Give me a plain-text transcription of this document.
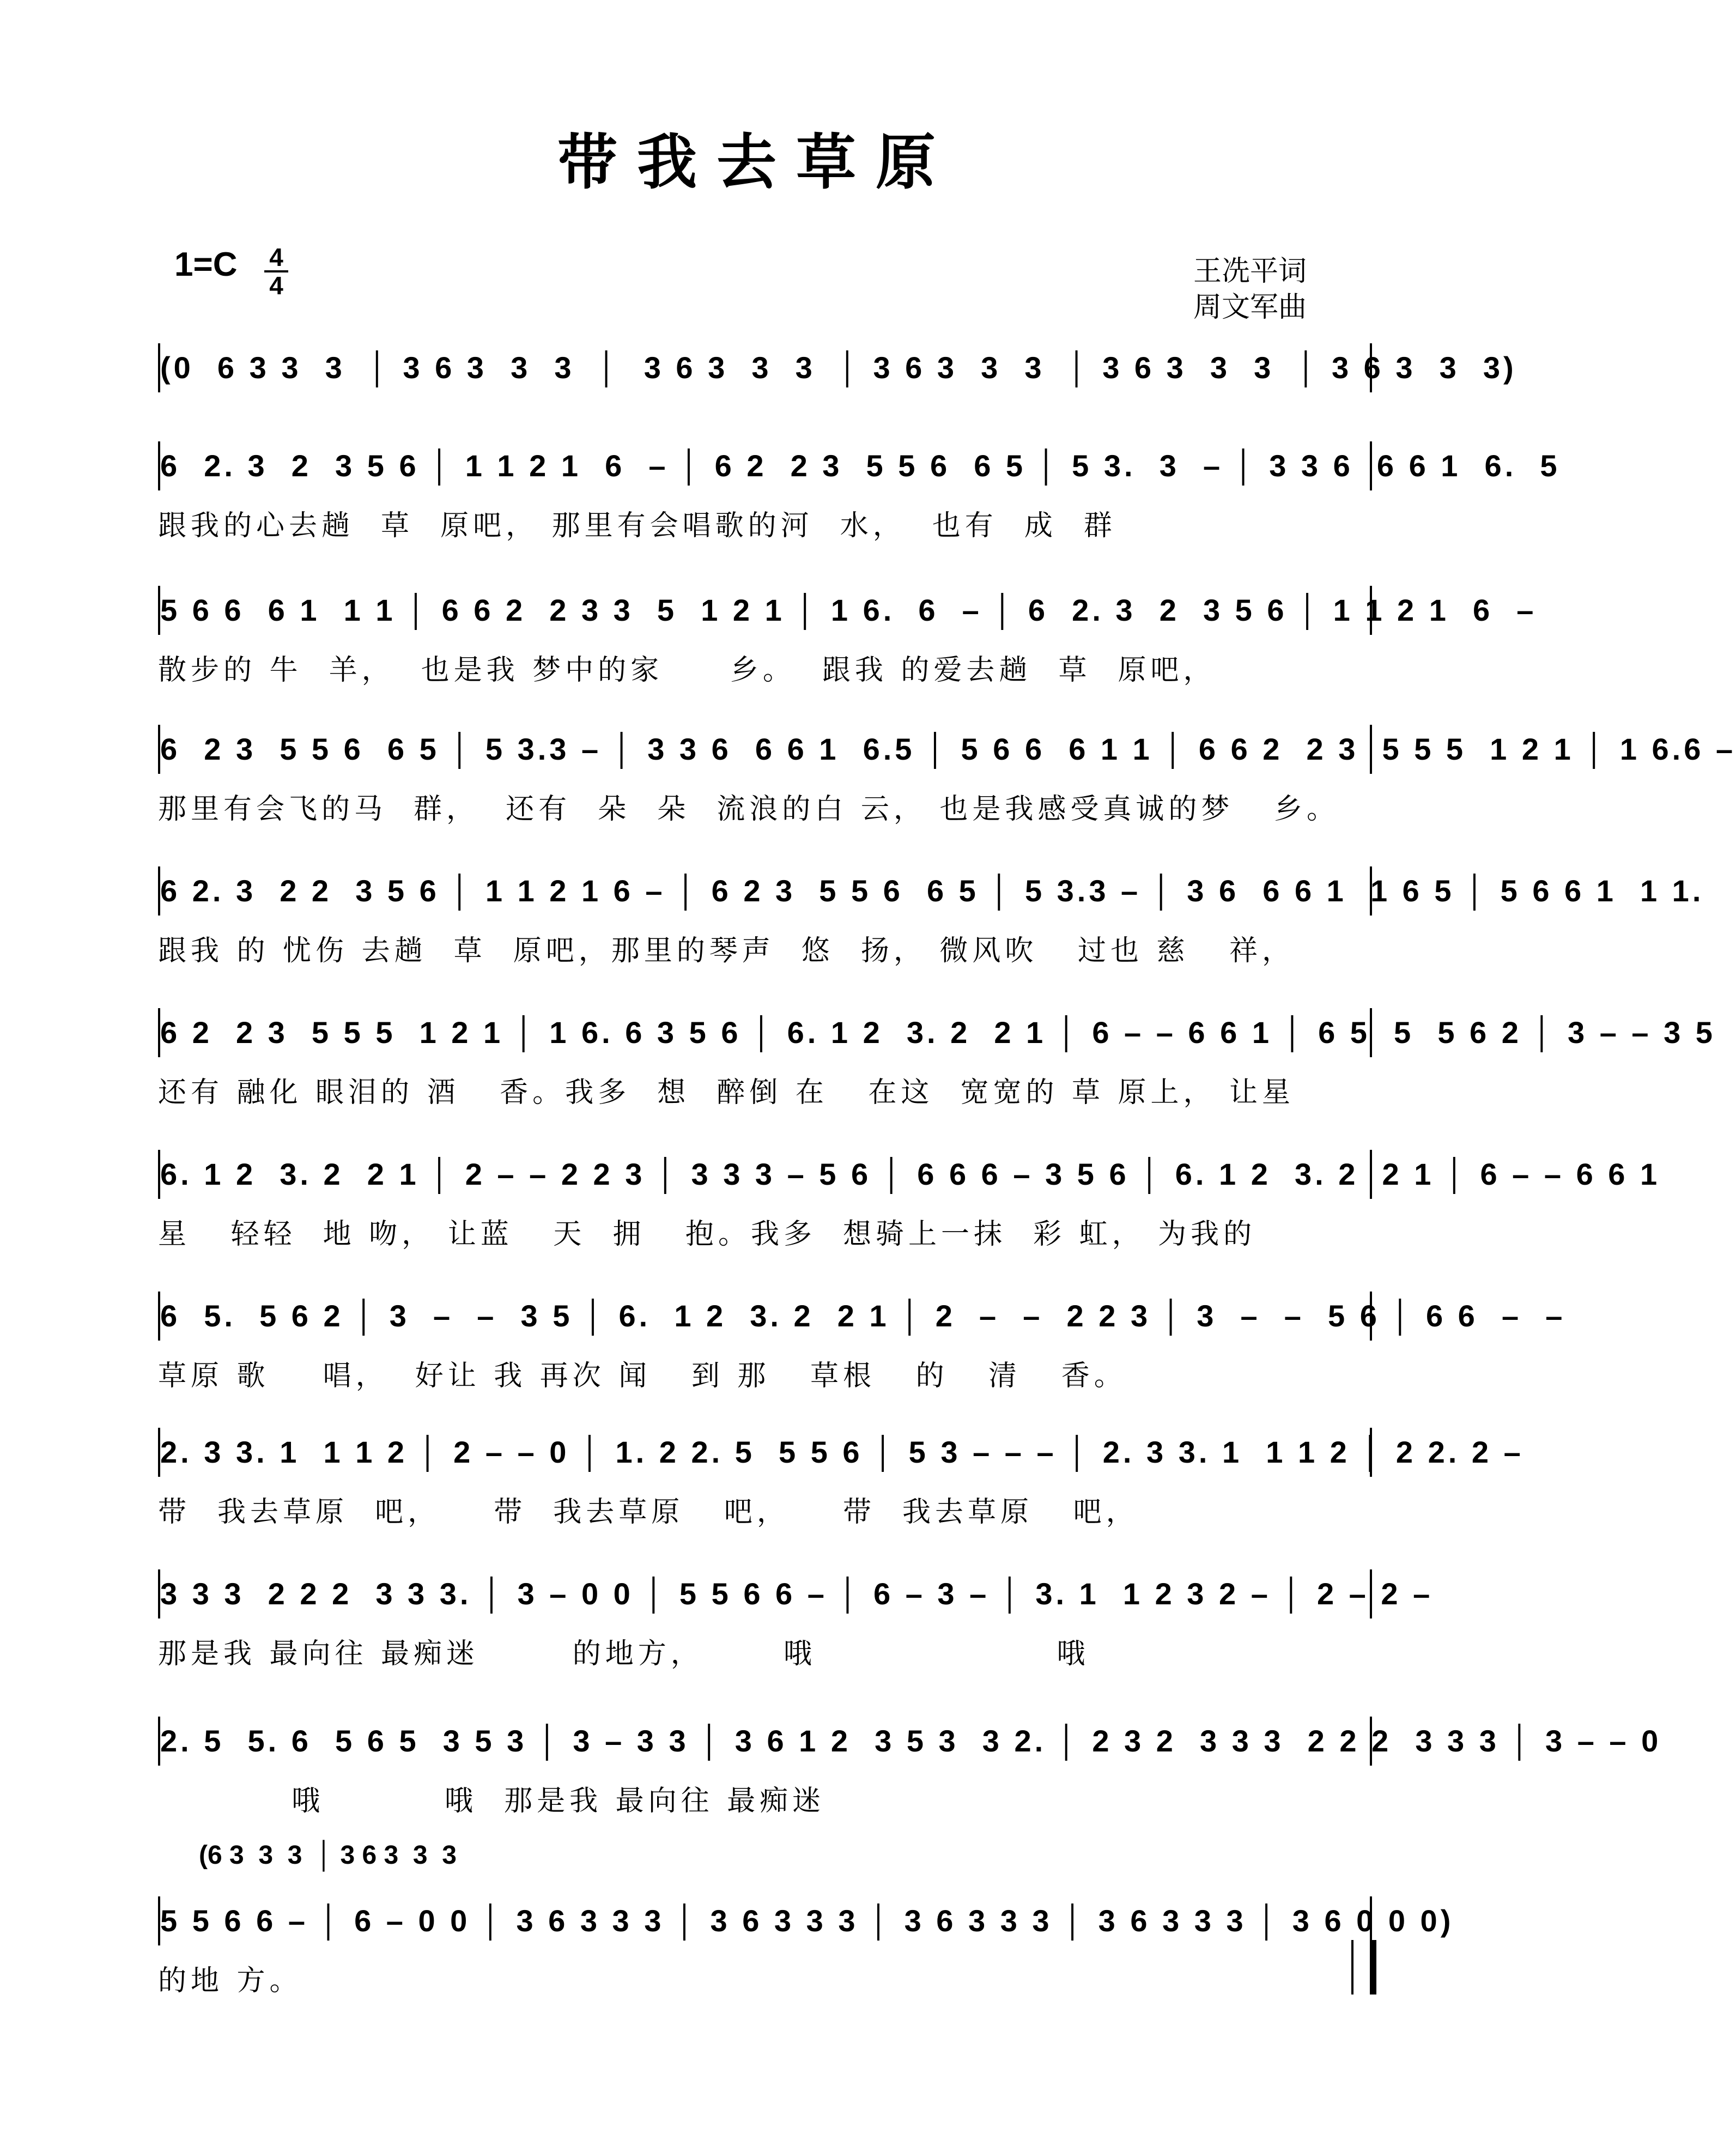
带我去草原
1=C 4
4	王冼平词
周文军曲
(0  6 3 3  3  │ 3 6 3  3  3  │  3 6 3  3  3  │ 3 6 3  3  3  │ 3 6 3  3  3  │ 3 6 3  3  3)
6  2. 3  2  3 5 6 │ 1 1 2 1  6  – │ 6 2  2 3  5 5 6  6 5 │ 5 3.  3  – │ 3 3 6  6 6 1  6.  5
跟我的心去趟  草  原吧， 那里有会唱歌的河  水，  也有  成  群
5 6 6  6 1  1 1 │ 6 6 2  2 3 3  5  1 2 1 │ 1 6.  6  – │ 6  2. 3  2  3 5 6 │ 1 1 2 1  6  –
散步的 牛  羊，  也是我 梦中的家     乡。  跟我 的爱去趟  草  原吧，
6  2 3  5 5 6  6 5 │ 5 3.3 – │ 3 3 6  6 6 1  6.5 │ 5 6 6  6 1 1 │ 6 6 2  2 3  5 5 5  1 2 1 │ 1 6.6 –
那里有会飞的马  群，  还有  朵  朵  流浪的白 云， 也是我感受真诚的梦   乡。
6 2. 3  2 2  3 5 6 │ 1 1 2 1 6 – │ 6 2 3  5 5 6  6 5 │ 5 3.3 – │ 3 6  6 6 1  1 6 5 │ 5 6 6 1  1 1.
跟我 的 忧伤 去趟  草  原吧，那里的琴声  悠  扬， 微风吹   过也 慈   祥，
6 2  2 3  5 5 5  1 2 1 │ 1 6. 6 3 5 6 │ 6. 1 2  3. 2  2 1 │ 6 – – 6 6 1 │ 6 5  5  5 6 2 │ 3 – – 3 5
还有 融化 眼泪的 酒   香。我多  想  醉倒 在   在这  宽宽的 草 原上， 让星
6. 1 2  3. 2  2 1 │ 2 – – 2 2 3 │ 3 3 3 – 5 6 │ 6 6 6 – 3 5 6 │ 6. 1 2  3. 2  2 1 │ 6 – – 6 6 1
星   轻轻  地 吻， 让蓝   天  拥   抱。我多  想骑上一抹  彩 虹， 为我的
6  5.  5 6 2 │ 3  –  –  3 5 │ 6.  1 2  3. 2  2 1 │ 2  –  –  2 2 3 │ 3  –  –  5 6 │ 6 6  –  –
草原 歌    唱，  好让 我 再次 闻   到 那   草根   的   清   香。
2. 3 3. 1  1 1 2 │ 2 – – 0 │ 1. 2 2. 5  5 5 6 │ 5 3 – – – │ 2. 3 3. 1  1 1 2 │ 2 2. 2 –
带  我去草原  吧，    带  我去草原   吧，    带  我去草原   吧，
3 3 3  2 2 2  3 3 3. │ 3 – 0 0 │ 5 5 6 6 – │ 6 – 3 – │ 3. 1  1 2 3 2 – │ 2 – 2 –
那是我 最向往 最痴迷       的地方，      哦                  哦
2. 5  5. 6  5 6 5  3 5 3 │ 3 – 3 3 │ 3 6 1 2  3 5 3  3 2. │ 2 3 2  3 3 3  2 2 2  3 3 3 │ 3 – – 0
哦         哦  那是我 最向往 最痴迷
(6 3  3  3  │ 3 6 3  3  3
5 5 6 6 – │ 6 – 0 0 │ 3 6 3 3 3 │ 3 6 3 3 3 │ 3 6 3 3 3 │ 3 6 3 3 3 │ 3 6 0 0 0)
的地 方。
